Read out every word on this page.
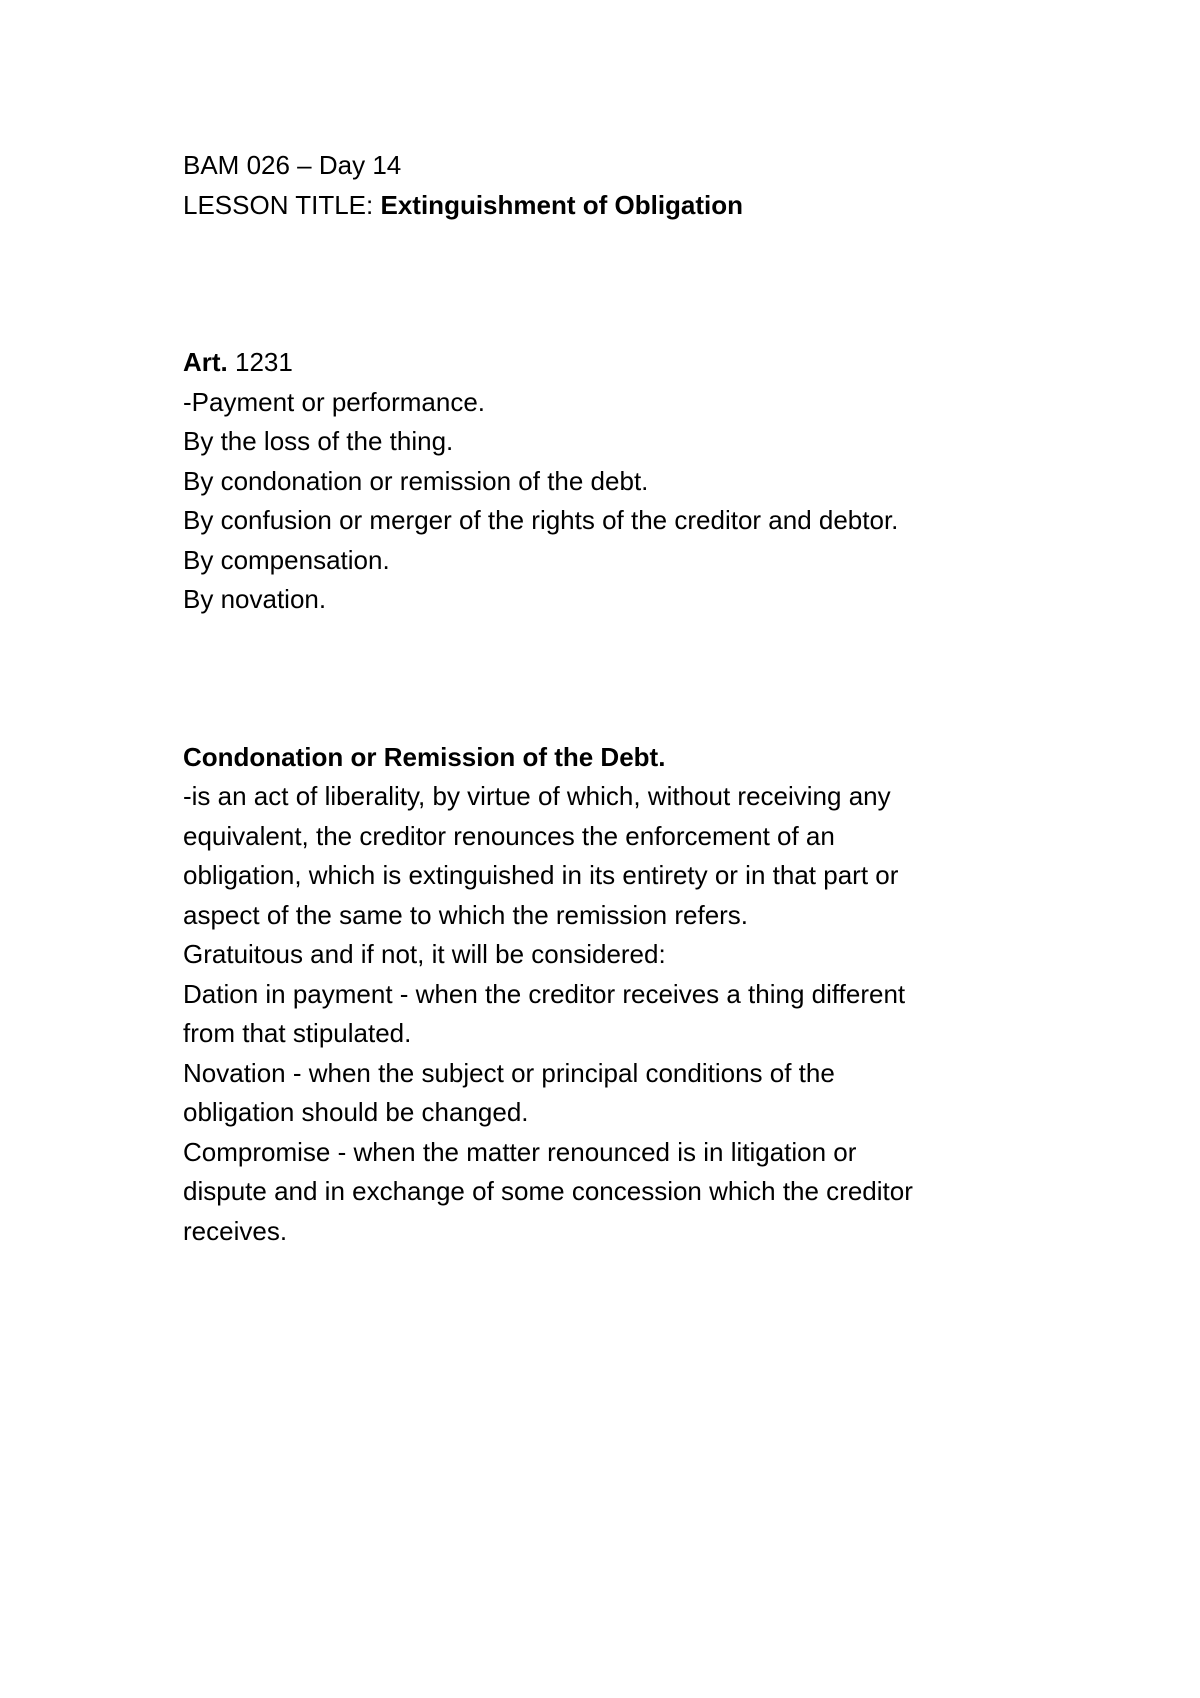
BAM 026 – Day 14
LESSON TITLE: Extinguishment of Obligation
Art. 1231
-Payment or performance.
By the loss of the thing.
By condonation or remission of the debt.
By confusion or merger of the rights of the creditor and debtor.
By compensation.
By novation.
Condonation or Remission of the Debt.
-is an act of liberality, by virtue of which, without receiving any
equivalent, the creditor renounces the enforcement of an
obligation, which is extinguished in its entirety or in that part or
aspect of the same to which the remission refers.
Gratuitous and if not, it will be considered:
Dation in payment - when the creditor receives a thing different
from that stipulated.
Novation - when the subject or principal conditions of the
obligation should be changed.
Compromise - when the matter renounced is in litigation or
dispute and in exchange of some concession which the creditor
receives.
